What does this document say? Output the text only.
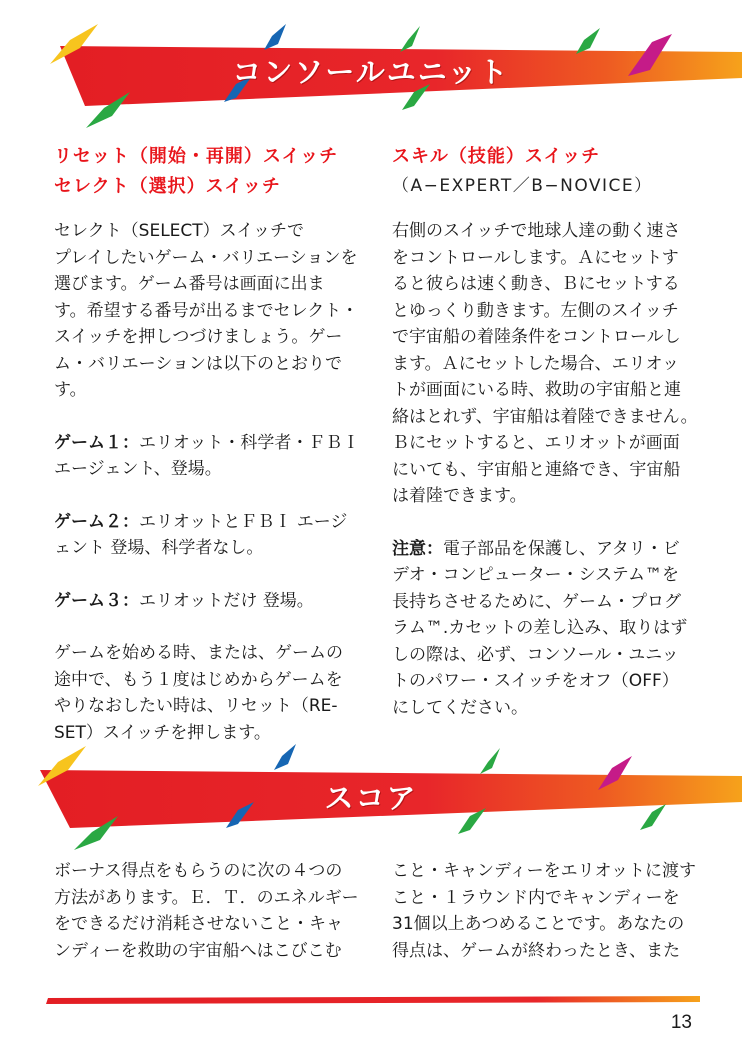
コンソールユニット
リセット（開始・再開）スイッチ
セレクト（選択）スイッチ

セレクト（SELECT）スイッチで

プレイしたいゲーム・バリエーションを

選びます。ゲーム番号は画面に出ま

す。希望する番号が出るまでセレクト・

スイッチを押しつづけましょう。ゲー

ム・バリエーションは以下のとおりです。

ゲーム１：エリオット・科学者・ＦＢＩ

エージェント、登場。

ゲーム２：エリオットとＦＢＩ エージ

ェント 登場、科学者なし。

ゲーム３：エリオットだけ 登場。

ゲームを始める時、または、ゲームの

途中で、もう１度はじめからゲームを

やりなおしたい時は、リセット（RE-

SET）スイッチを押します。

スキル（技能）スイッチ
（A−EXPERT／B−NOVICE）

右側のスイッチで地球人達の動く速さ

をコントロールします。Ａにセットす

ると彼らは速く動き、Ｂにセットする

とゆっくり動きます。左側のスイッチ

で宇宙船の着陸条件をコントロールし

ます。Ａにセットした場合、エリオッ

トが画面にいる時、救助の宇宙船と連

絡はとれず、宇宙船は着陸できません。

Ｂにセットすると、エリオットが画面

にいても、宇宙船と連絡でき、宇宙船

は着陸できます。

注意：電子部品を保護し、アタリ・ビ

デオ・コンピューター・システム™を

長持ちさせるために、ゲーム・プログ

ラム™.カセットの差し込み、取りはず

しの際は、必ず、コンソール・ユニッ

トのパワー・スイッチをオフ（OFF）

にしてください。

スコア

ボーナス得点をもらうのに次の４つの

方法があります。Ｅ．Ｔ．のエネルギー

をできるだけ消耗させないこと・キャ

ンディーを救助の宇宙船へはこびこむ

こと・キャンディーをエリオットに渡す

こと・１ラウンド内でキャンディーを

31個以上あつめることです。あなたの

得点は、ゲームが終わったとき、また

13
